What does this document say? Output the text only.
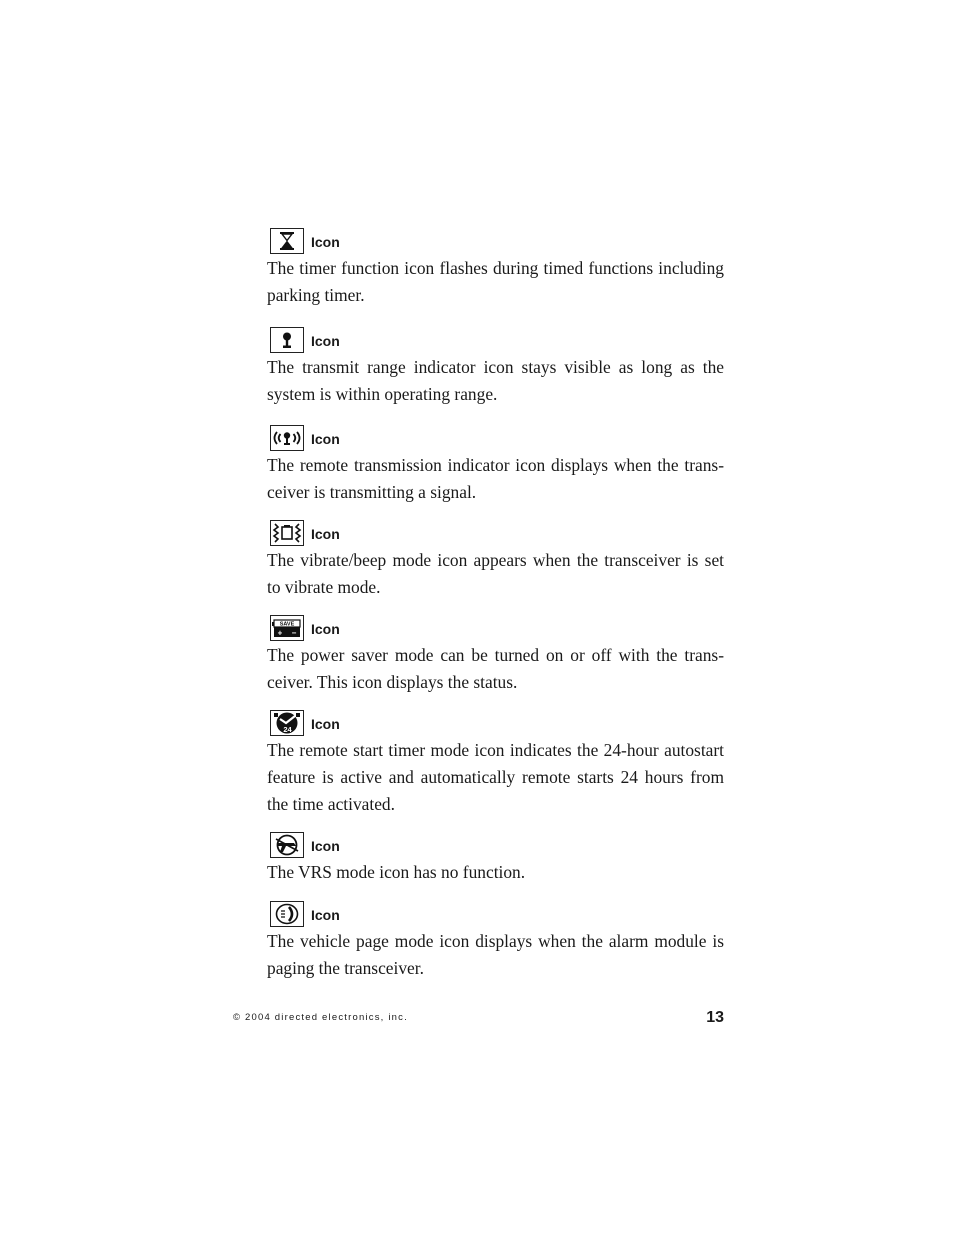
Icon

The timer function icon flashes during timed functions including parking timer.

Icon

The transmit range indicator icon stays visible as long as the system is within operating range.

Icon

The remote transmission indicator icon displays when the trans-ceiver is transmitting a signal.

Icon

The vibrate/beep mode icon appears when the transceiver is set to vibrate mode.

SAVE
+ − Icon

The power saver mode can be turned on or off with the trans-ceiver. This icon displays the status.

24 Icon

The remote start timer mode icon indicates the 24-hour autostart feature is active and automatically remote starts 24 hours from the time activated.

Icon

The VRS mode icon has no function.

Icon

The vehicle page mode icon displays when the alarm module is paging the transceiver.

© 2004 directed electronics, inc.	13
